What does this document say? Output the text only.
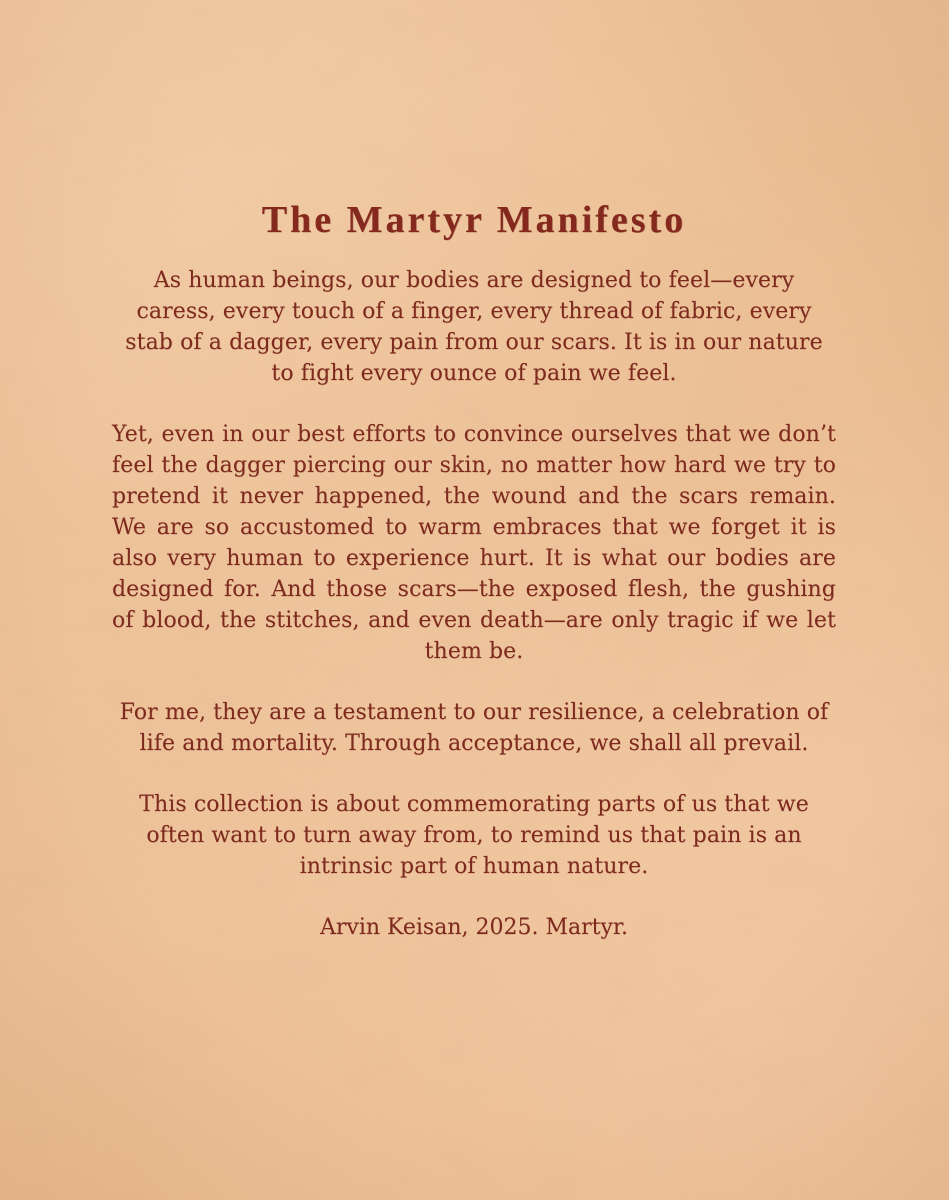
The Martyr Manifesto

As human beings, our bodies are designed to feel—every caress, every touch of a finger, every thread of fabric, every stab of a dagger, every pain from our scars. It is in our nature to fight every ounce of pain we feel.

Yet, even in our best efforts to convince ourselves that we don’t feel the dagger piercing our skin, no matter how hard we try to pretend it never happened, the wound and the scars remain. We are so accustomed to warm embraces that we forget it is also very human to experience hurt. It is what our bodies are designed for. And those scars—the exposed flesh, the gushing of blood, the stitches, and even death—are only tragic if we let them be.

For me, they are a testament to our resilience, a celebration of life and mortality. Through acceptance, we shall all prevail.

This collection is about commemorating parts of us that we often want to turn away from, to remind us that pain is an intrinsic part of human nature.

Arvin Keisan, 2025. Martyr.
